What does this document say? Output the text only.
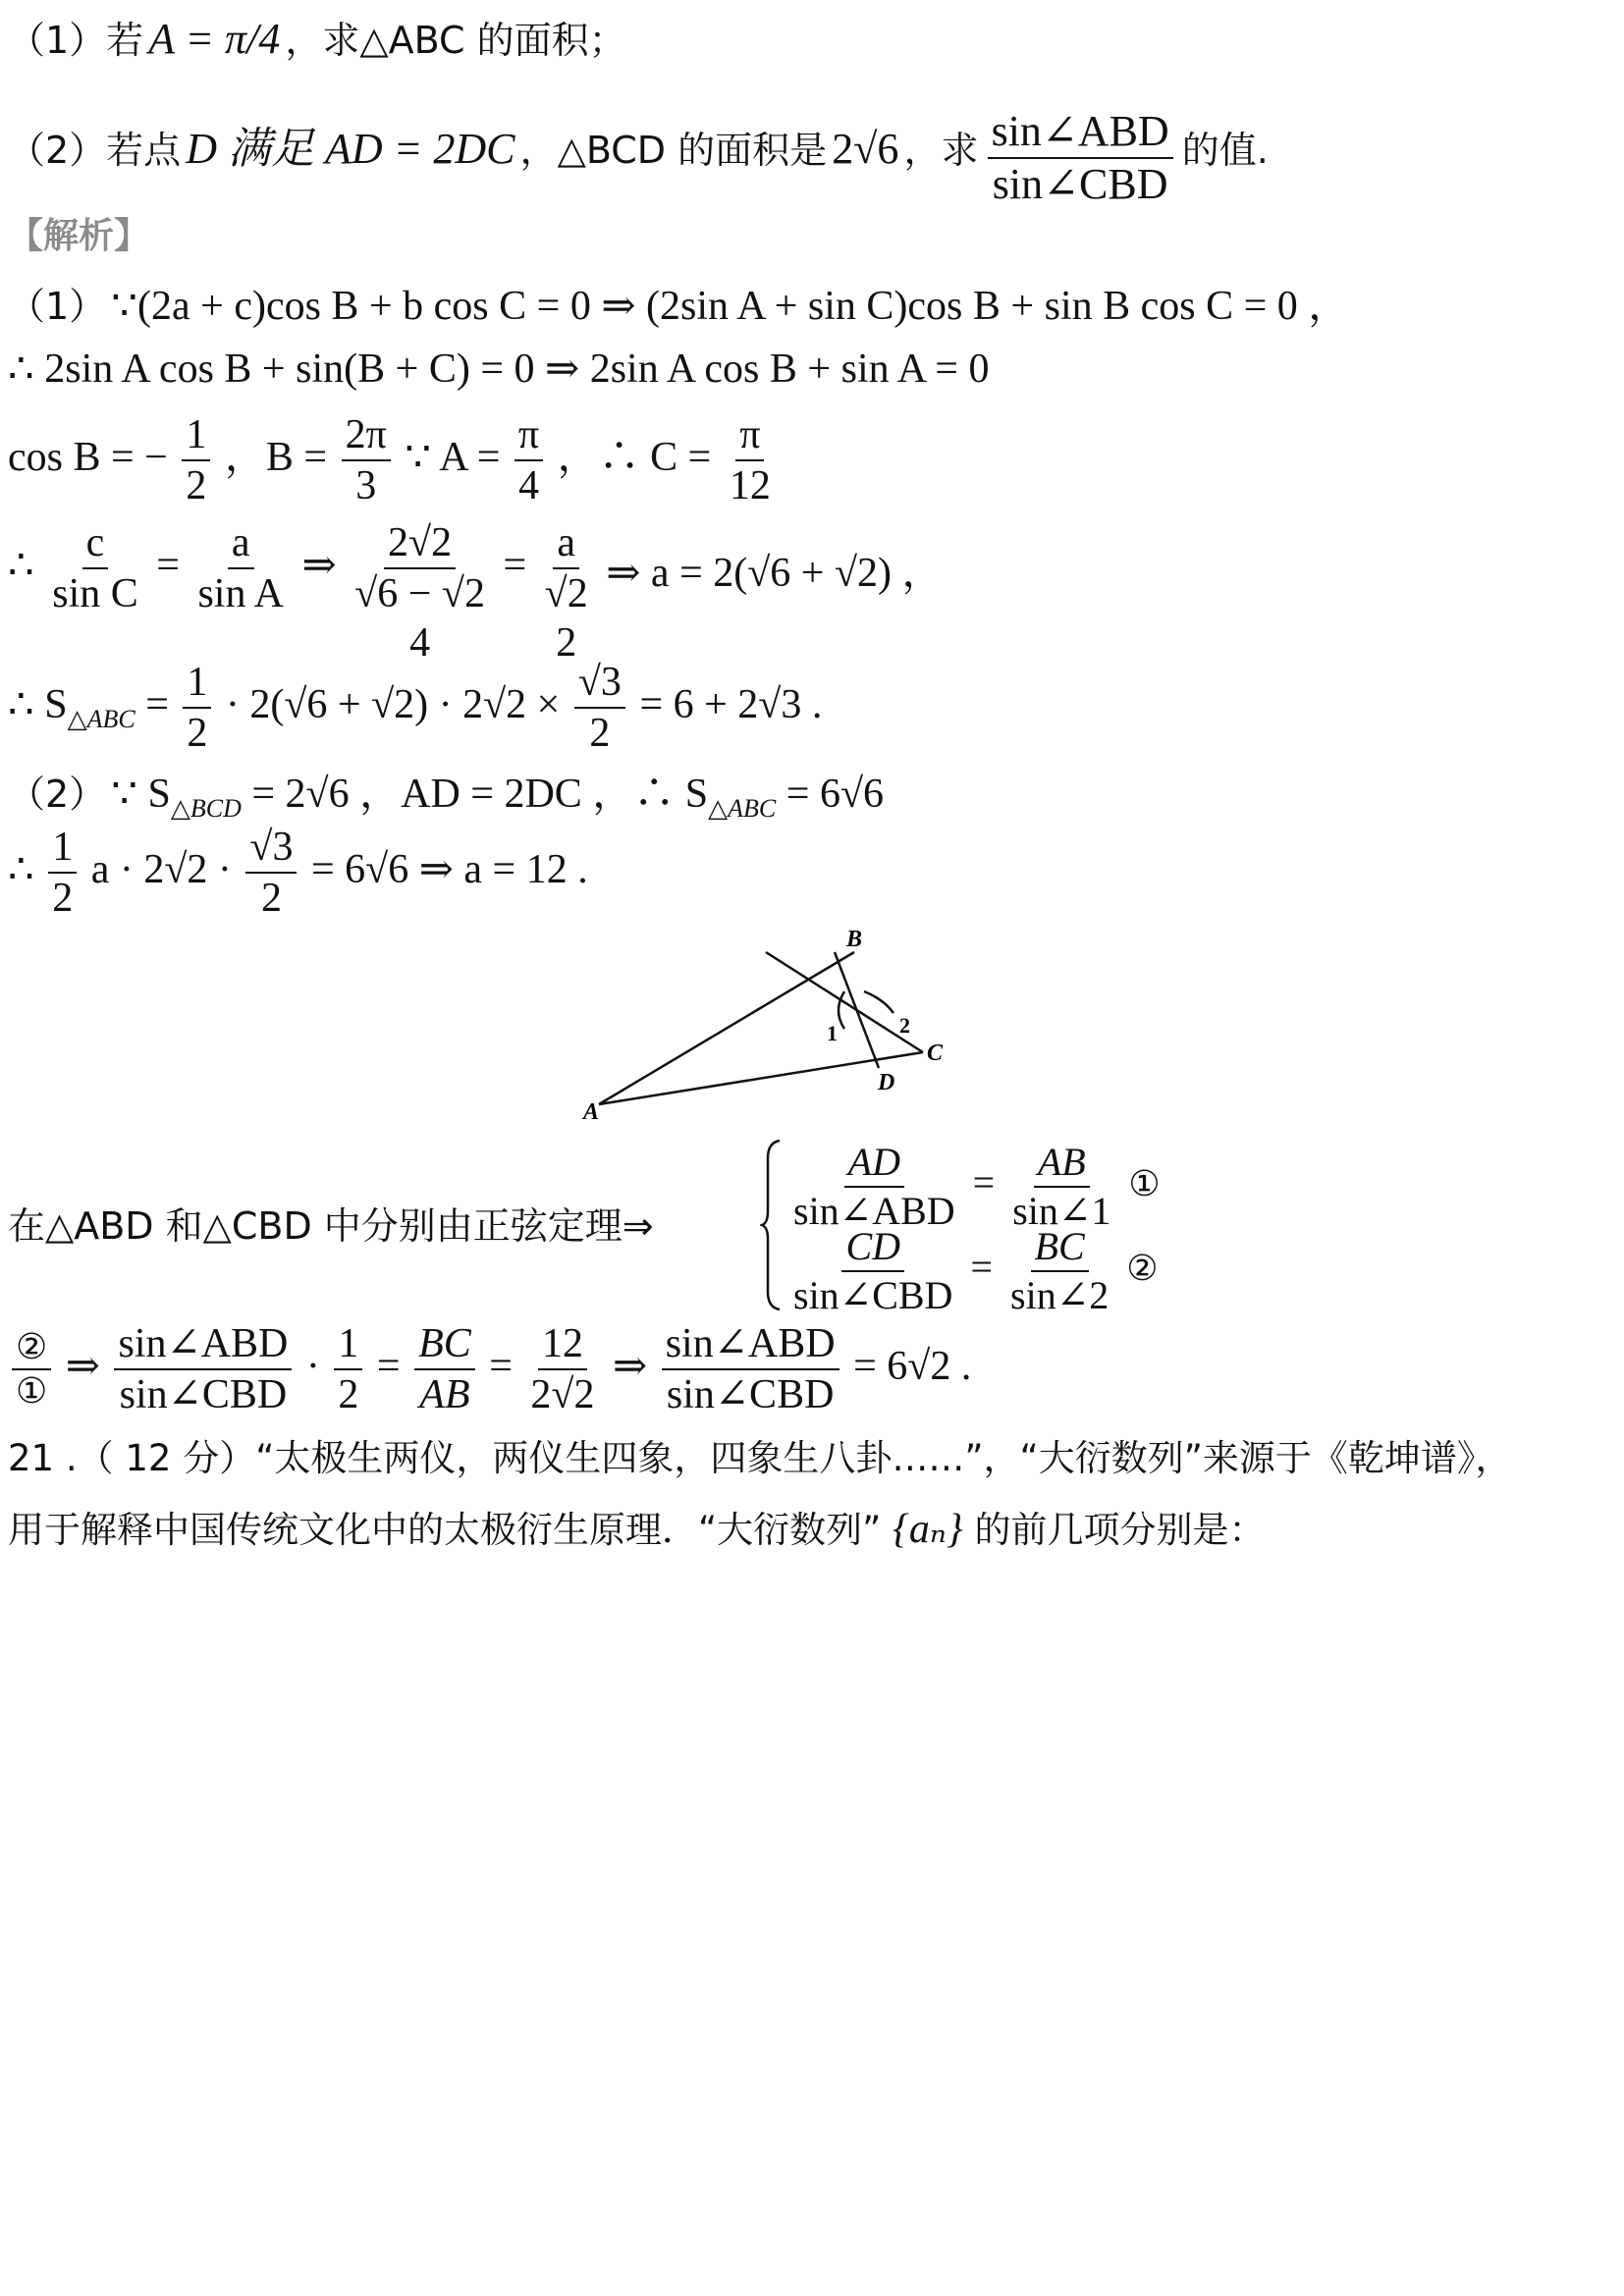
（1）若 A = π/4 ，求△ABC 的面积；
（2）若点 D 满足 AD = 2DC ，△BCD 的面积是 2√6 ，求 $\frac{\text{sin∠ABD}}{\text{sin∠CBD}}$ 的值.
【解析】
（1） ∵(2a + c)cos B + b cos C = 0 ⇒ (2sin A + sin C)cos B + sin B cos C = 0 ，
∴ 2sin A cos B + sin(B + C) = 0 ⇒ 2sin A cos B + sin A = 0
cos B = − $\frac{1}{2}$ ，$B = \frac{2\pi}{3}$ ∵ $A = \frac{\pi}{4}$ ，∴ $C = \frac{\pi}{12}$
∴ $\frac{c}{\text{sin C}} = \frac{a}{\text{sin A}}$ ⇒ 2√2
√6 − √2
4
= a
√2
2
⇒ a = 2(√6 + √2) ，
∴ $S_{\triangle ABC} = \frac{1}{2} \cdot 2(√6 + √2) \cdot 2√2 \times \frac{√3}{2} = 6 + 2√3$ .
（2） ∵ $S_{\triangle BCD} = 2√6$ ，AD = 2DC ，∴ $S_{\triangle ABC} = 6√6$
∴ $\frac{1}{2}$ $a \cdot 2√2 \cdot \frac{√3}{2} = 6√6$ ⇒ a = 12 .
B
C
A
D
1	2
在△ABD 和△CBD 中分别由正弦定理⇒	$\frac{AD}{\text{sin∠ABD}} = \frac{AB}{\sin\angle 1}$ ①
$\frac{CD}{\text{sin∠CBD}} = \frac{BC}{\sin\angle 2}$ ②
$\frac{\text{②}}{\text{①}}$ ⇒ $\frac{\text{sin∠ABD}}{\text{sin∠CBD}} \cdot \frac{1}{2} = \frac{BC}{AB} = \frac{12}{2√2}$ ⇒ $\frac{\text{sin∠ABD}}{\text{sin∠CBD}} = 6√2$ .
21 .（ 12 分）“太极生两仪，两仪生四象，四象生八卦……”，“大衍数列”来源于《乾坤谱》，
用于解释中国传统文化中的太极衍生原理．“大衍数列” {aₙ} 的前几项分别是：
